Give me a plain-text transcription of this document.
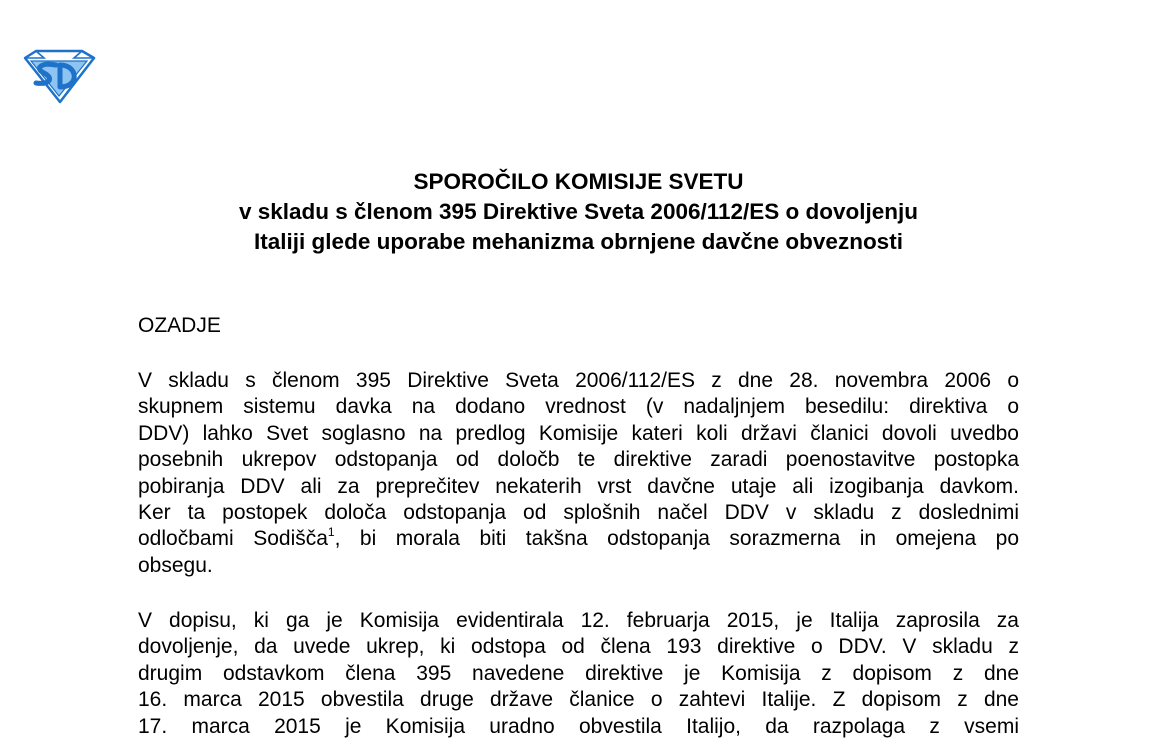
SPOROČILO KOMISIJE SVETU
v skladu s členom 395 Direktive Sveta 2006/112/ES o dovoljenju
Italiji glede uporabe mehanizma obrnjene davčne obveznosti
OZADJE
V skladu s členom 395 Direktive Sveta 2006/112/ES z dne 28. novembra 2006 o
skupnem sistemu davka na dodano vrednost (v nadaljnjem besedilu: direktiva o
DDV) lahko Svet soglasno na predlog Komisije kateri koli državi članici dovoli uvedbo
posebnih ukrepov odstopanja od določb te direktive zaradi poenostavitve postopka
pobiranja DDV ali za preprečitev nekaterih vrst davčne utaje ali izogibanja davkom.
Ker ta postopek določa odstopanja od splošnih načel DDV v skladu z doslednimi
odločbami Sodišča$^1$, bi morala biti takšna odstopanja sorazmerna in omejena po
obsegu.
V dopisu, ki ga je Komisija evidentirala 12. februarja 2015, je Italija zaprosila za
dovoljenje, da uvede ukrep, ki odstopa od člena 193 direktive o DDV. V skladu z
drugim odstavkom člena 395 navedene direktive je Komisija z dopisom z dne
16. marca 2015 obvestila druge države članice o zahtevi Italije. Z dopisom z dne
17. marca 2015 je Komisija uradno obvestila Italijo, da razpolaga z vsemi
